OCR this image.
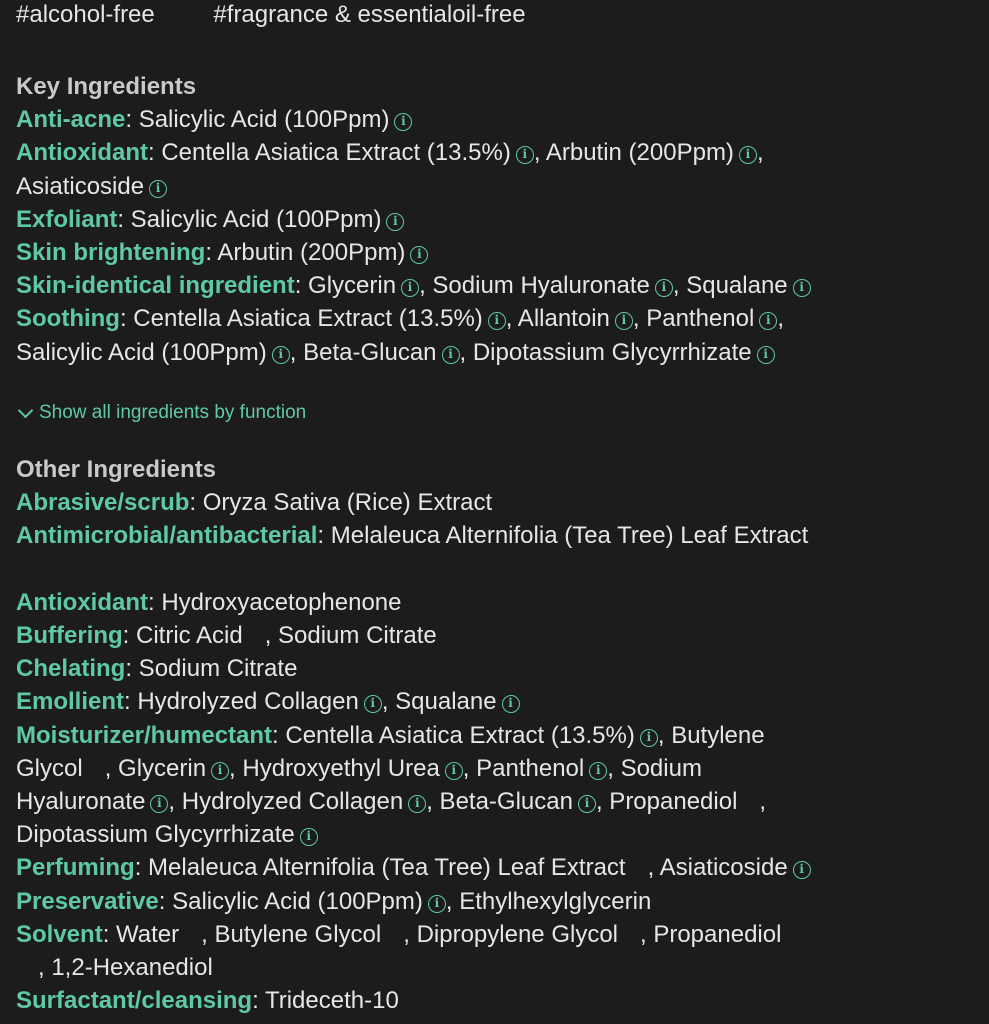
#alcohol-free #fragrance & essentialoil-free
Key Ingredients
Anti-acne: Salicylic Acid (100Ppm) i
Antioxidant: Centella Asiatica Extract (13.5%) i , Arbutin (200Ppm) i ,
Asiaticoside i
Exfoliant: Salicylic Acid (100Ppm) i
Skin brightening: Arbutin (200Ppm) i
Skin-identical ingredient: Glycerin i , Sodium Hyaluronate i , Squalane i
Soothing: Centella Asiatica Extract (13.5%) i , Allantoin i , Panthenol i ,
Salicylic Acid (100Ppm) i , Beta-Glucan i , Dipotassium Glycyrrhizate i
Show all ingredients by function
Other Ingredients
Abrasive/scrub: Oryza Sativa (Rice) Extract
Antimicrobial/antibacterial: Melaleuca Alternifolia (Tea Tree) Leaf Extract

Antioxidant: Hydroxyacetophenone
Buffering: Citric Acid , Sodium Citrate
Chelating: Sodium Citrate
Emollient: Hydrolyzed Collagen i , Squalane i
Moisturizer/humectant: Centella Asiatica Extract (13.5%) i , Butylene
Glycol , Glycerin i , Hydroxyethyl Urea i , Panthenol i , Sodium
Hyaluronate i , Hydrolyzed Collagen i , Beta-Glucan i , Propanediol ,
Dipotassium Glycyrrhizate i
Perfuming: Melaleuca Alternifolia (Tea Tree) Leaf Extract , Asiaticoside i
Preservative: Salicylic Acid (100Ppm) i , Ethylhexylglycerin
Solvent: Water , Butylene Glycol , Dipropylene Glycol , Propanediol
, 1,2-Hexanediol
Surfactant/cleansing: Trideceth-10
